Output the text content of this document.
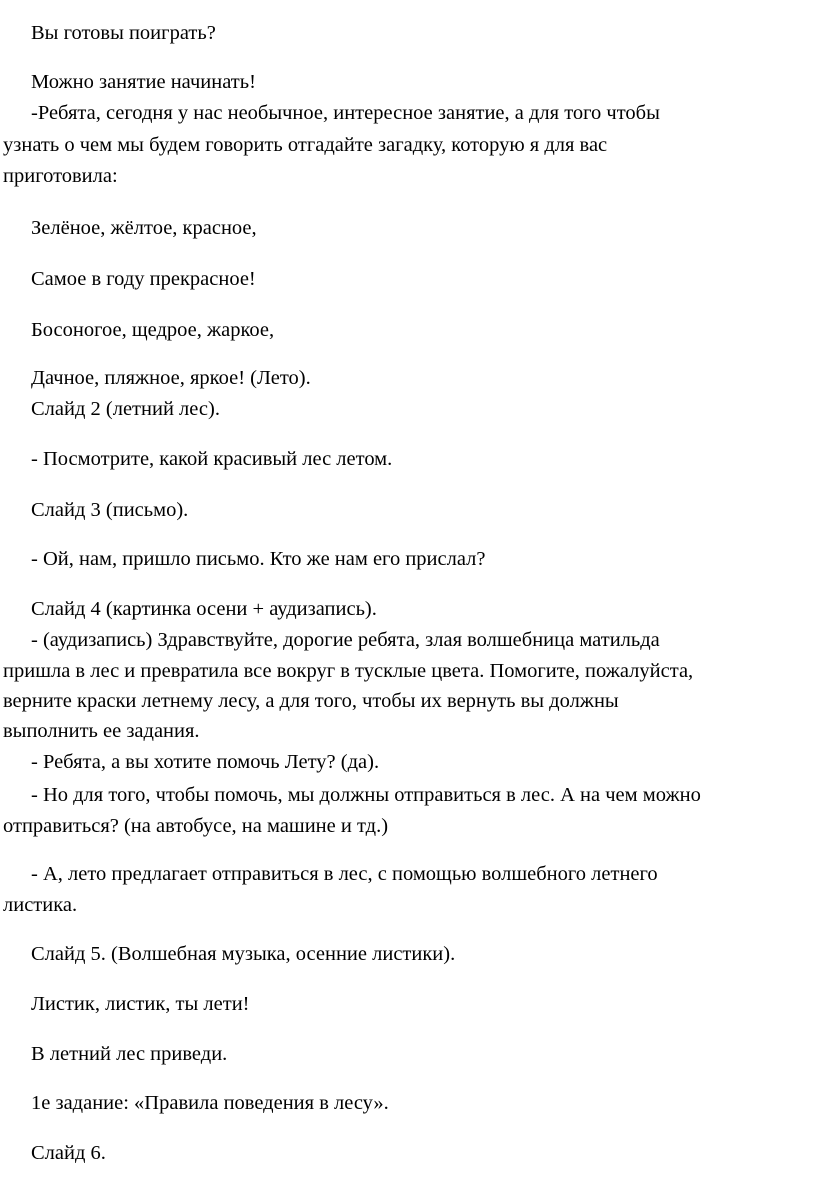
Вы готовы поиграть?
Можно занятие начинать!
-Ребята, сегодня у нас необычное, интересное занятие, а для того чтобы
узнать о чем мы будем говорить отгадайте загадку, которую я для вас
приготовила:
Зелёное, жёлтое, красное,
Самое в году прекрасное!
Босоногое, щедрое, жаркое,
Дачное, пляжное, яркое! (Лето).
Слайд 2 (летний лес).
- Посмотрите, какой красивый лес летом.
Слайд 3 (письмо).
- Ой, нам, пришло письмо. Кто же нам его прислал?
Слайд 4 (картинка осени + аудизапись).
- (аудизапись) Здравствуйте, дорогие ребята, злая волшебница матильда
пришла в лес и превратила все вокруг в тусклые цвета. Помогите, пожалуйста,
верните краски летнему лесу, а для того, чтобы их вернуть вы должны
выполнить ее задания.
- Ребята, а вы хотите помочь Лету? (да).
- Но для того, чтобы помочь, мы должны отправиться в лес. А на чем можно
отправиться? (на автобусе, на машине и тд.)
- А, лето предлагает отправиться в лес, с помощью волшебного летнего
листика.
Слайд 5. (Волшебная музыка, осенние листики).
Листик, листик, ты лети!
В летний лес приведи.
1е задание: «Правила поведения в лесу».
Слайд 6.
